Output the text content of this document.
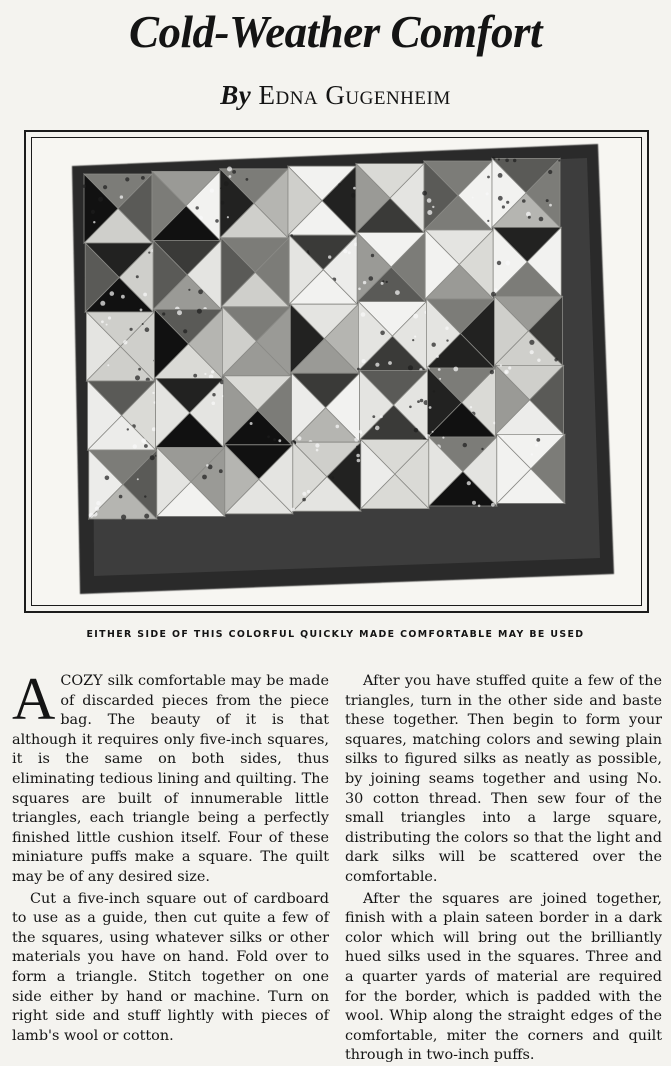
Cold-Weather Comfort
By Edna Gugenheim
EITHER SIDE OF THIS COLORFUL QUICKLY MADE COMFORTABLE MAY BE USED

ACOZY silk comfortable may be made of discarded pieces from the piece bag. The beauty of it is that although it requires only five-inch squares, it is the same on both sides, thus eliminating tedious lining and quilting. The squares are built of innumerable little triangles, each triangle being a perfectly finished little cushion itself. Four of these miniature puffs make a square. The quilt may be of any desired size.

Cut a five-inch square out of cardboard to use as a guide, then cut quite a few of the squares, using whatever silks or other materials you have on hand. Fold over to form a triangle. Stitch together on one side either by hand or machine. Turn on right side and stuff lightly with pieces of lamb's wool or cotton.

After you have stuffed quite a few of the triangles, turn in the other side and baste these together. Then begin to form your squares, matching colors and sewing plain silks to figured silks as neatly as possible, by joining seams together and using No. 30 cotton thread. Then sew four of the small triangles into a large square, distributing the colors so that the light and dark silks will be scattered over the comfortable.

After the squares are joined together, finish with a plain sateen border in a dark color which will bring out the brilliantly hued silks used in the squares. Three and a quarter yards of material are required for the border, which is padded with the wool. Whip along the straight edges of the comfortable, miter the corners and quilt through in two-inch puffs.
